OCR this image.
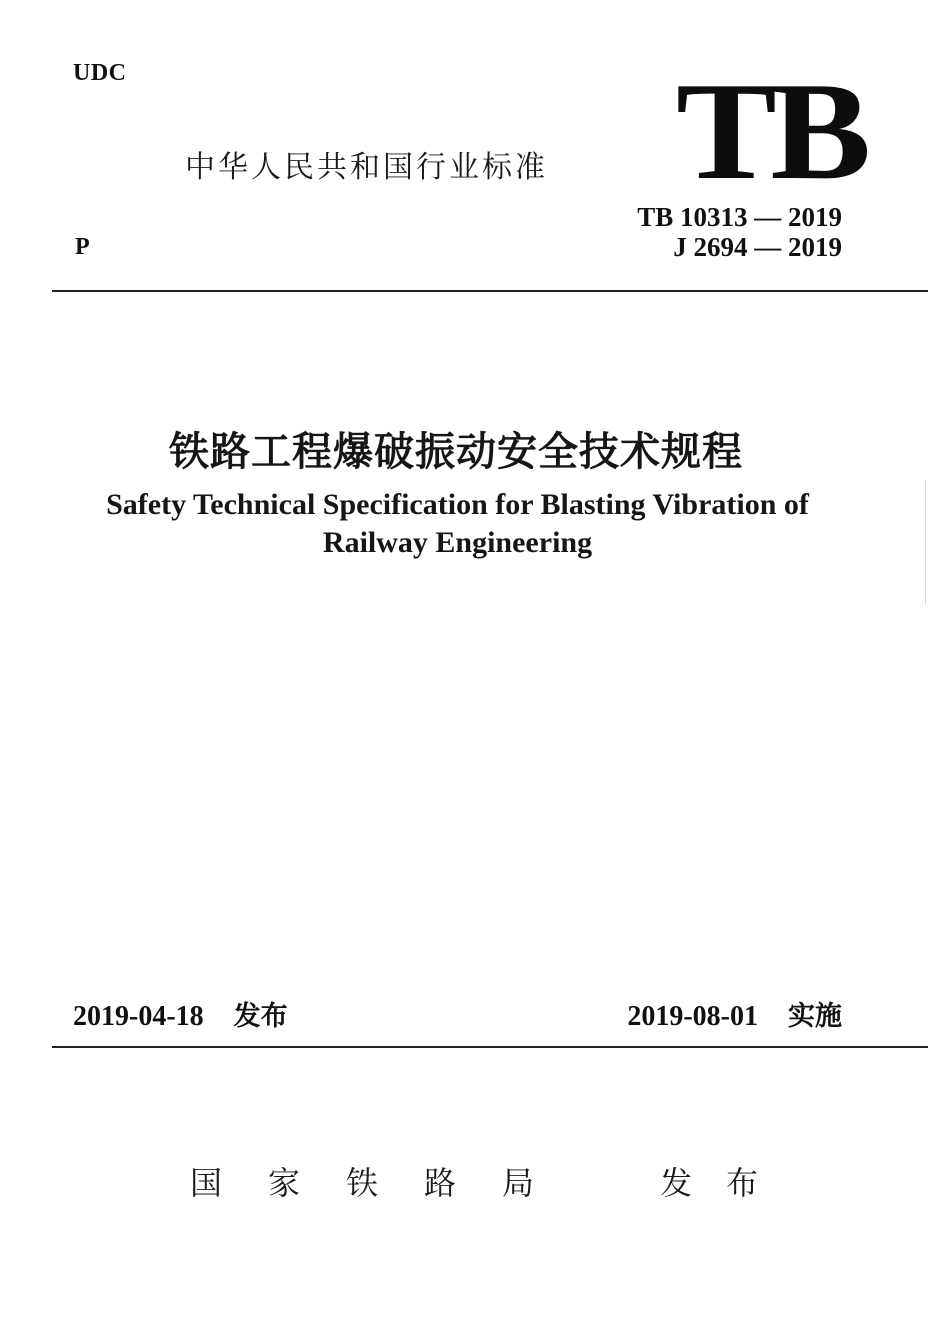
UDC
中华人民共和国行业标准 TB
TB 10313 — 2019
J 2694 — 2019
P
铁路工程爆破振动安全技术规程
Safety Technical Specification for Blasting Vibration of
Railway Engineering
2019-04-18 发布	2019-08-01 实施
国家铁路局 发布
